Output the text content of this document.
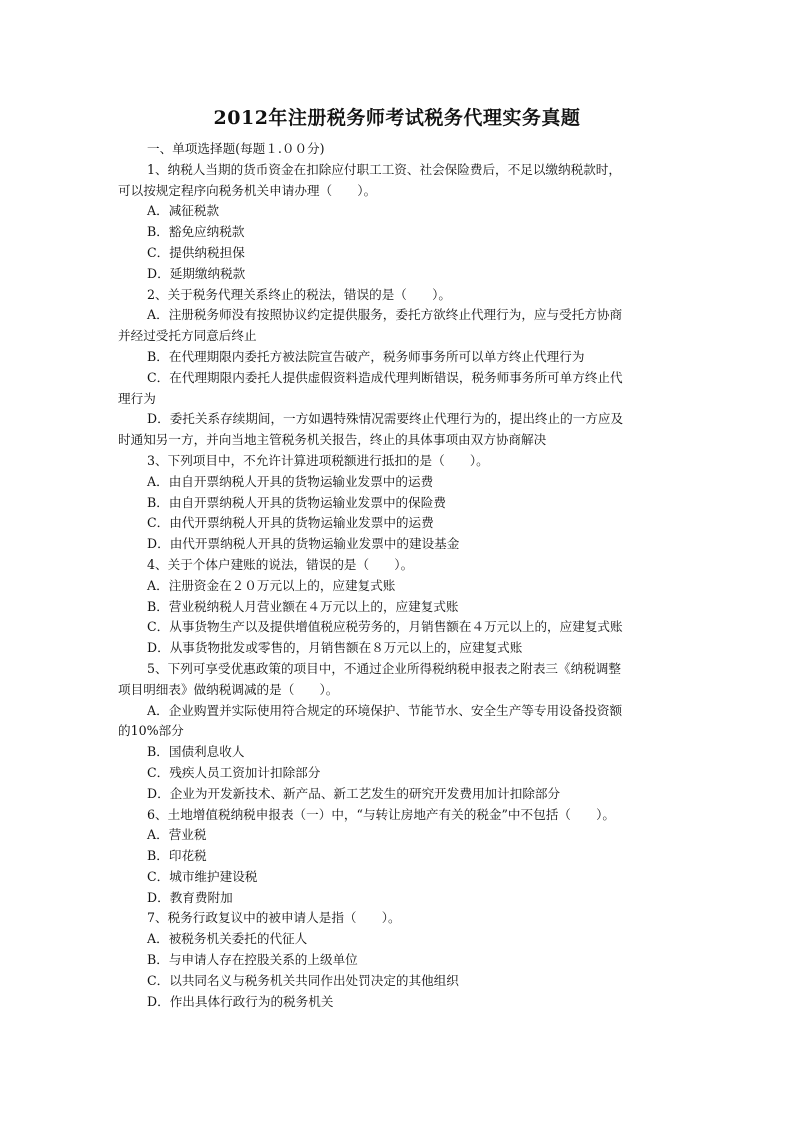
2012年注册税务师考试税务代理实务真题
一、单项选择题(每题１.００分)
1、纳税人当期的货币资金在扣除应付职工工资、社会保险费后，不足以缴纳税款时，
可以按规定程序向税务机关申请办理（　　）。
A．减征税款
B．豁免应纳税款
C．提供纳税担保
D．延期缴纳税款
2、关于税务代理关系终止的税法，错误的是（　　）。
A．注册税务师没有按照协议约定提供服务，委托方欲终止代理行为，应与受托方协商
并经过受托方同意后终止
B．在代理期限内委托方被法院宣告破产，税务师事务所可以单方终止代理行为
C．在代理期限内委托人提供虚假资料造成代理判断错误，税务师事务所可单方终止代
理行为
D．委托关系存续期间，一方如遇特殊情况需要终止代理行为的，提出终止的一方应及
时通知另一方，并向当地主管税务机关报告，终止的具体事项由双方协商解决
3、下列项目中，不允许计算进项税额进行抵扣的是（　　）。
A．由自开票纳税人开具的货物运输业发票中的运费
B．由自开票纳税人开具的货物运输业发票中的保险费
C．由代开票纳税人开具的货物运输业发票中的运费
D．由代开票纳税人开具的货物运输业发票中的建设基金
4、关于个体户建账的说法，错误的是（　　）。
A．注册资金在２０万元以上的，应建复式账
B．营业税纳税人月营业额在４万元以上的，应建复式账
C．从事货物生产以及提供增值税应税劳务的，月销售额在４万元以上的，应建复式账
D．从事货物批发或零售的，月销售额在８万元以上的，应建复式账
5、下列可享受优惠政策的项目中，不通过企业所得税纳税申报表之附表三《纳税调整
项目明细表》做纳税调减的是（　　）。
A．企业购置并实际使用符合规定的环境保护、节能节水、安全生产等专用设备投资额
的10%部分
B．国债利息收人
C．残疾人员工资加计扣除部分
D．企业为开发新技术、新产品、新工艺发生的研究开发费用加计扣除部分
6、土地增值税纳税申报表（一）中，“与转让房地产有关的税金”中不包括（　　）。
A．营业税
B．印花税
C．城市维护建设税
D．教育费附加
7、税务行政复议中的被申请人是指（　　）。
A．被税务机关委托的代征人
B．与申请人存在控股关系的上级单位
C．以共同名义与税务机关共同作出处罚决定的其他组织
D．作出具体行政行为的税务机关
